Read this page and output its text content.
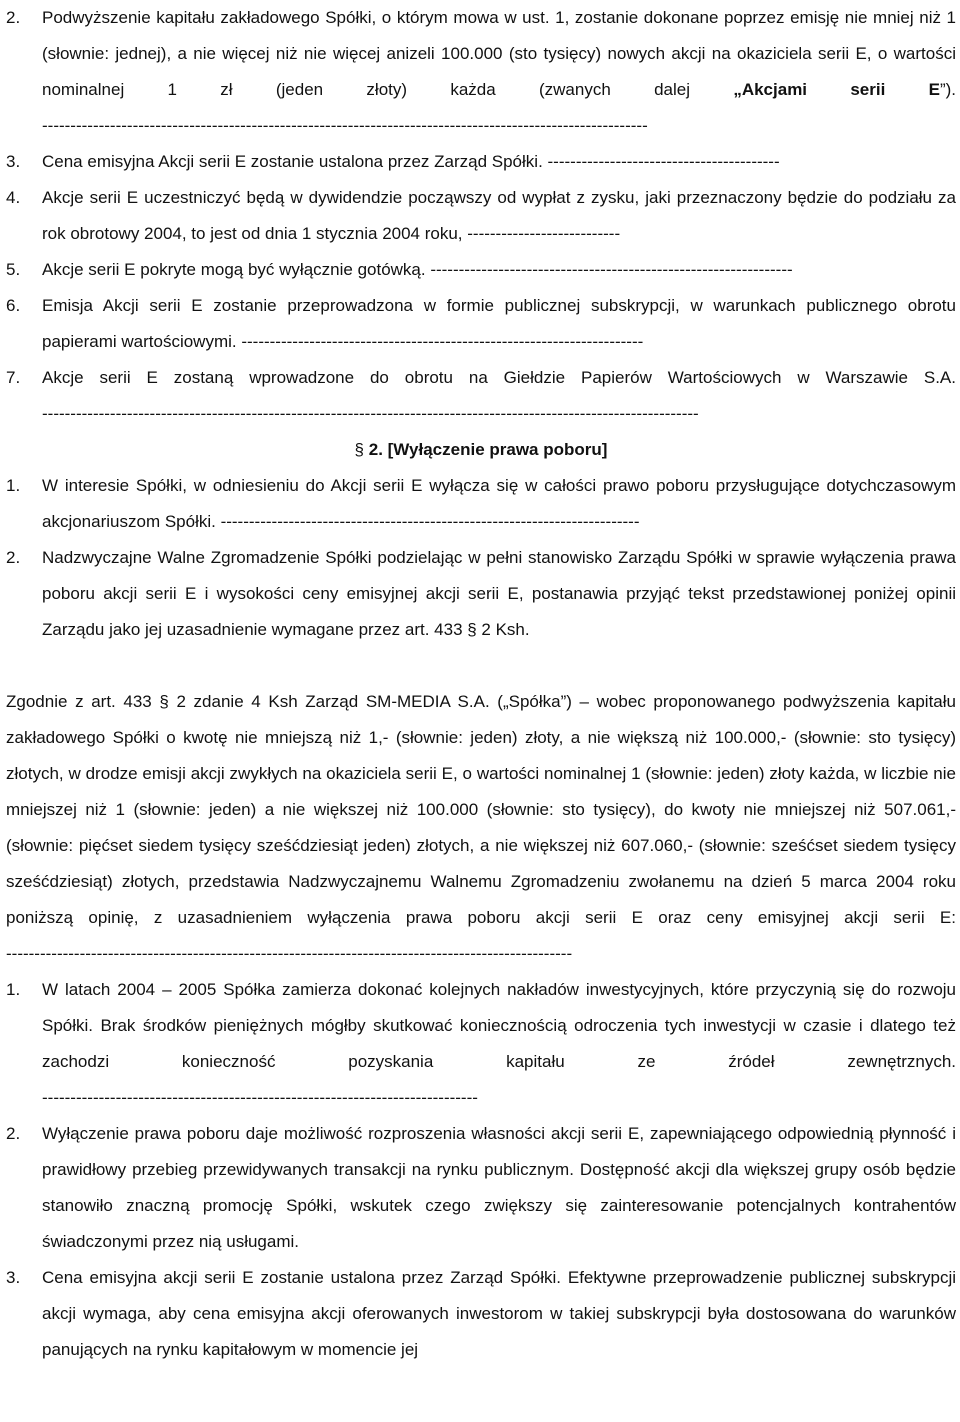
2. Podwyższenie kapitału zakładowego Spółki, o którym mowa w ust. 1, zostanie dokonane poprzez emisję nie mniej niż 1 (słownie: jednej), a nie więcej niż nie więcej anizeli 100.000 (sto tysięcy) nowych akcji na okaziciela serii E, o wartości nominalnej 1 zł (jeden złoty) każda (zwanych dalej „Akcjami serii E”). -----------------------------------------------------------------------------------------------------------
3. Cena emisyjna Akcji serii E zostanie ustalona przez Zarząd Spółki. -----------------------------------------
4. Akcje serii E uczestniczyć będą w dywidendzie począwszy od wypłat z zysku, jaki przeznaczony będzie do podziału za rok obrotowy 2004, to jest od dnia 1 stycznia 2004 roku, ---------------------------
5. Akcje serii E pokryte mogą być wyłącznie gotówką. ----------------------------------------------------------------
6. Emisja Akcji serii E zostanie przeprowadzona w formie publicznej subskrypcji, w warunkach publicznego obrotu papierami wartościowymi. -----------------------------------------------------------------------
7. Akcje serii E zostaną wprowadzone do obrotu na Giełdzie Papierów Wartościowych w Warszawie S.A. --------------------------------------------------------------------------------------------------------------------

§ 2. [Wyłączenie prawa poboru]

1. W interesie Spółki, w odniesieniu do Akcji serii E wyłącza się w całości prawo poboru przysługujące dotychczasowym akcjonariuszom Spółki. --------------------------------------------------------------------------
2. Nadzwyczajne Walne Zgromadzenie Spółki podzielając w pełni stanowisko Zarządu Spółki w sprawie wyłączenia prawa poboru akcji serii E i wysokości ceny emisyjnej akcji serii E, postanawia przyjąć tekst przedstawionej poniżej opinii Zarządu jako jej uzasadnienie wymagane przez art. 433 § 2 Ksh.
Zgodnie z art. 433 § 2 zdanie 4 Ksh Zarząd SM-MEDIA S.A. („Spółka”) – wobec proponowanego podwyższenia kapitału zakładowego Spółki o kwotę nie mniejszą niż 1,- (słownie: jeden) złoty, a nie większą niż 100.000,- (słownie: sto tysięcy) złotych, w drodze emisji akcji zwykłych na okaziciela serii E, o wartości nominalnej 1 (słownie: jeden) złoty każda, w liczbie nie mniejszej niż 1 (słownie: jeden) a nie większej niż 100.000 (słownie: sto tysięcy), do kwoty nie mniejszej niż 507.061,- (słownie: pięćset siedem tysięcy sześćdziesiąt jeden) złotych, a nie większej niż 607.060,- (słownie: sześćset siedem tysięcy sześćdziesiąt) złotych, przedstawia Nadzwyczajnemu Walnemu Zgromadzeniu zwołanemu na dzień 5 marca 2004 roku poniższą opinię, z uzasadnieniem wyłączenia prawa poboru akcji serii E oraz ceny emisyjnej akcji serii E: ----------------------------------------------------------------------------------------------------
1. W latach 2004 – 2005 Spółka zamierza dokonać kolejnych nakładów inwestycyjnych, które przyczynią się do rozwoju Spółki. Brak środków pieniężnych mógłby skutkować koniecznością odroczenia tych inwestycji w czasie i dlatego też zachodzi konieczność pozyskania kapitału ze źródeł zewnętrznych. -----------------------------------------------------------------------------
2. Wyłączenie prawa poboru daje możliwość rozproszenia własności akcji serii E, zapewniającego odpowiednią płynność i prawidłowy przebieg przewidywanych transakcji na rynku publicznym. Dostępność akcji dla większej grupy osób będzie stanowiło znaczną promocję Spółki, wskutek czego zwiększy się zainteresowanie potencjalnych kontrahentów świadczonymi przez nią usługami.
3. Cena emisyjna akcji serii E zostanie ustalona przez Zarząd Spółki. Efektywne przeprowadzenie publicznej subskrypcji akcji wymaga, aby cena emisyjna akcji oferowanych inwestorom w takiej subskrypcji była dostosowana do warunków panujących na rynku kapitałowym w momencie jej
